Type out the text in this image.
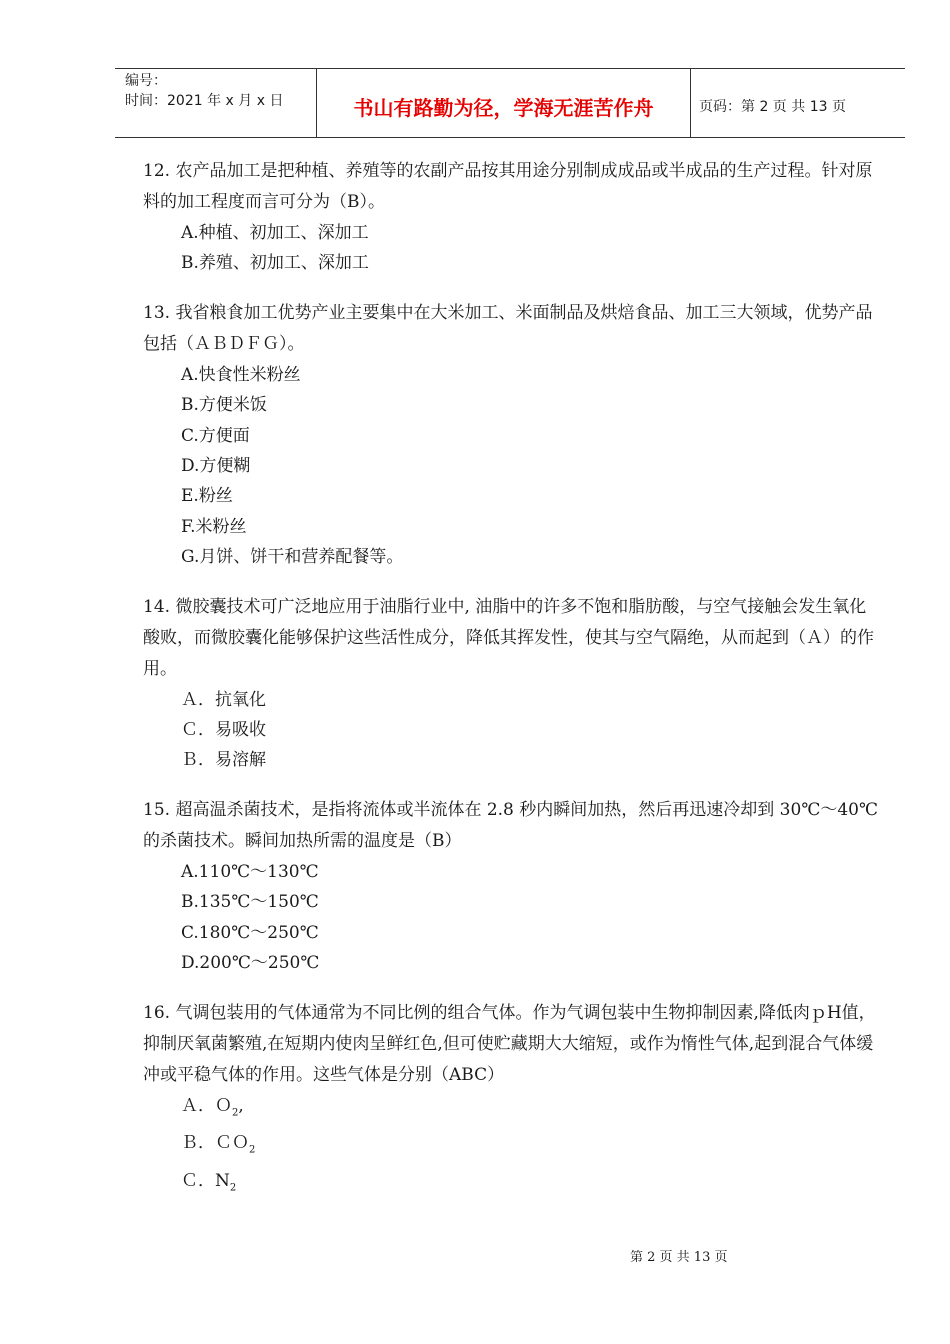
编号：
时间：2021 年 x 月 x 日	书山有路勤为径，学海无涯苦作舟	页码：第 2 页 共 13 页

12. 农产品加工是把种植、养殖等的农副产品按其用途分别制成成品或半成品的生产过程。针对原料的加工程度而言可分为（B）。

A.种植、初加工、深加工

B.养殖、初加工、深加工

13. 我省粮食加工优势产业主要集中在大米加工、米面制品及烘焙食品、加工三大领域，优势产品包括（ＡＢＤＦＧ）。

A.快食性米粉丝

B.方便米饭

C.方便面

D.方便糊

E.粉丝

F.米粉丝

G.月饼、饼干和营养配餐等。

14. 微胶囊技术可广泛地应用于油脂行业中, 油脂中的许多不饱和脂肪酸，与空气接触会发生氧化酸败，而微胶囊化能够保护这些活性成分，降低其挥发性，使其与空气隔绝，从而起到（Ａ）的作用。

Ａ．抗氧化

Ｃ．易吸收

Ｂ．易溶解

15. 超高温杀菌技术，是指将流体或半流体在 2.8 秒内瞬间加热，然后再迅速冷却到 30℃～40℃的杀菌技术。瞬间加热所需的温度是（B）

A.110℃～130℃

B.135℃～150℃

C.180℃～250℃

D.200℃～250℃

16. 气调包装用的气体通常为不同比例的组合气体。作为气调包装中生物抑制因素,降低肉ｐH值，抑制厌氧菌繁殖,在短期内使肉呈鲜红色,但可使贮藏期大大缩短，或作为惰性气体,起到混合气体缓冲或平稳气体的作用。这些气体是分别（ABC）

Ａ．Ｏ$_2$,

Ｂ．ＣＯ$_2$

Ｃ．$N_2$

第 2 页 共 13 页
